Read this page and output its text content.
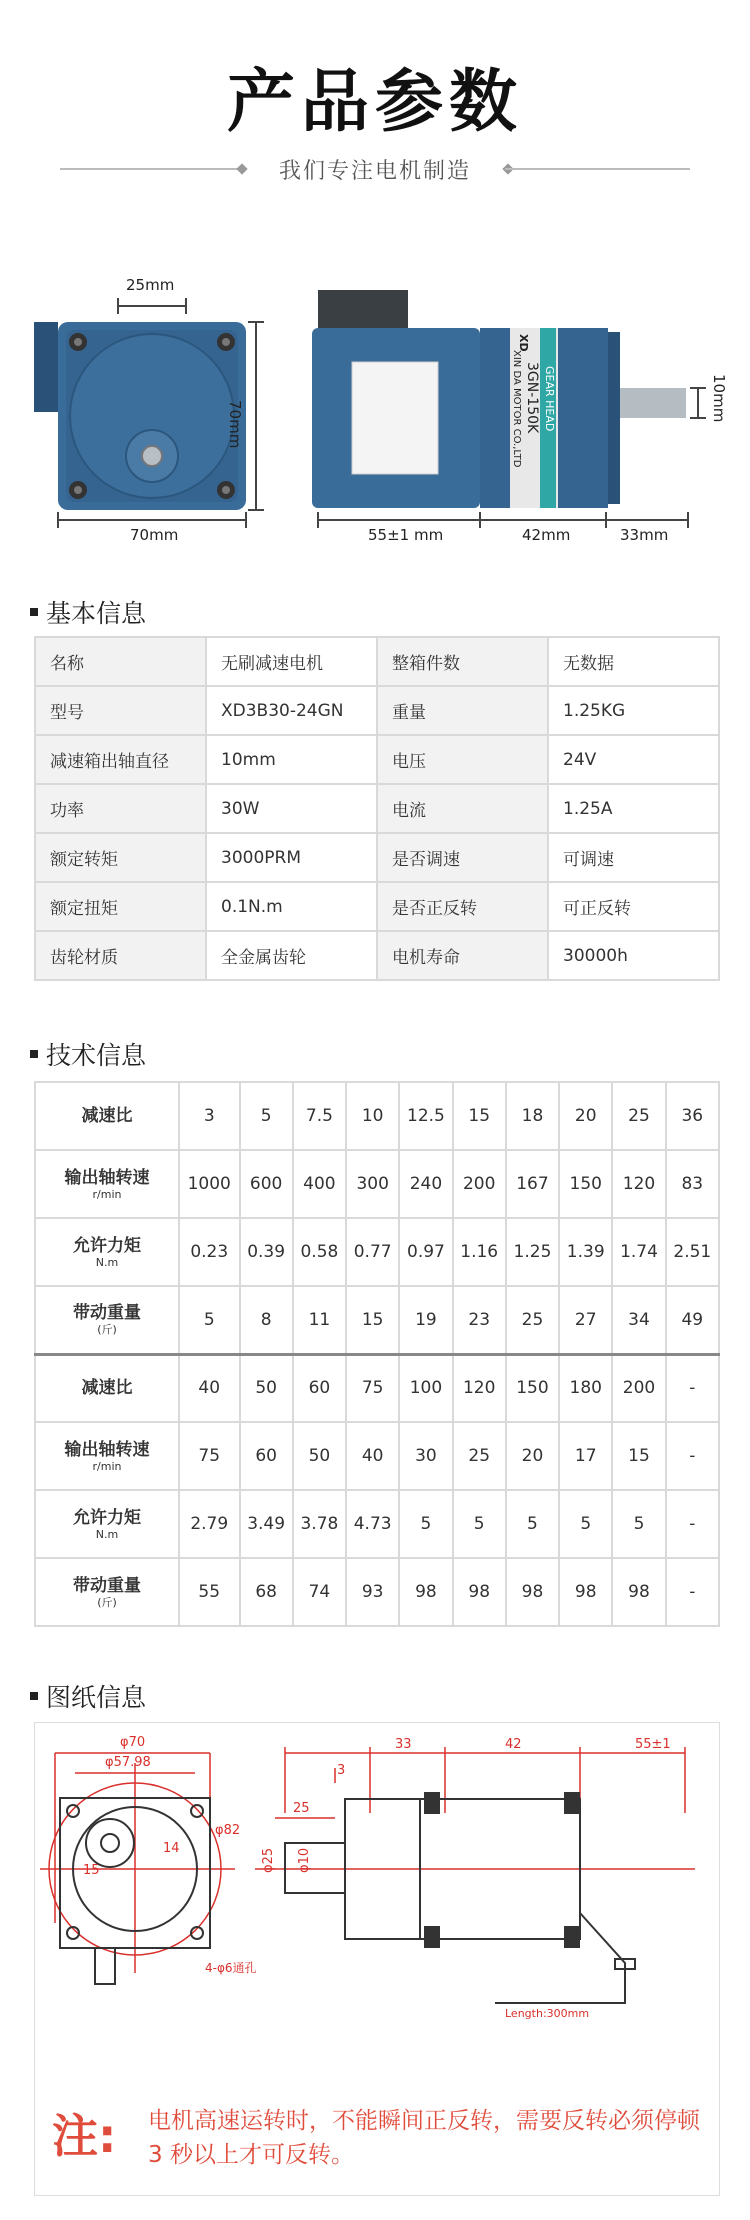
产品参数
我们专注电机制造
25mm
70mm
70mm
55±1 mm	42mm	33mm
10mm
GEAR HEAD
3GN-150K
XIN DA MOTOR CO.,LTD
XD
基本信息
名称	无刷减速电机	整箱件数	无数据
型号	XD3B30-24GN	重量	1.25KG
减速箱出轴直径	10mm	电压	24V
功率	30W	电流	1.25A
额定转矩	3000PRM	是否调速	可调速
额定扭矩	0.1N.m	是否正反转	可正反转
齿轮材质	全金属齿轮	电机寿命	30000h
技术信息
减速比	3	5	7.5	10	12.5	15	18	20	25	36
输出轴转速
r/min	1000	600	400	300	240	200	167	150	120	83
允许力矩
N.m	0.23	0.39	0.58	0.77	0.97	1.16	1.25	1.39	1.74	2.51
带动重量
(斤)	5	8	11	15	19	23	25	27	34	49
减速比	40	50	60	75	100	120	150	180	200	-
输出轴转速
r/min	75	60	50	40	30	25	20	17	15	-
允许力矩
N.m	2.79	3.49	3.78	4.73	5	5	5	5	5	-
带动重量
(斤)	55	68	74	93	98	98	98	98	98	-
图纸信息
φ70
φ57.98
φ82
15
14
4-φ6通孔
33	42	55±1
3
25
φ25 φ10
Length:300mm
注: 电机高速运转时，不能瞬间正反转，需要反转必须停顿 3 秒以上才可反转。
